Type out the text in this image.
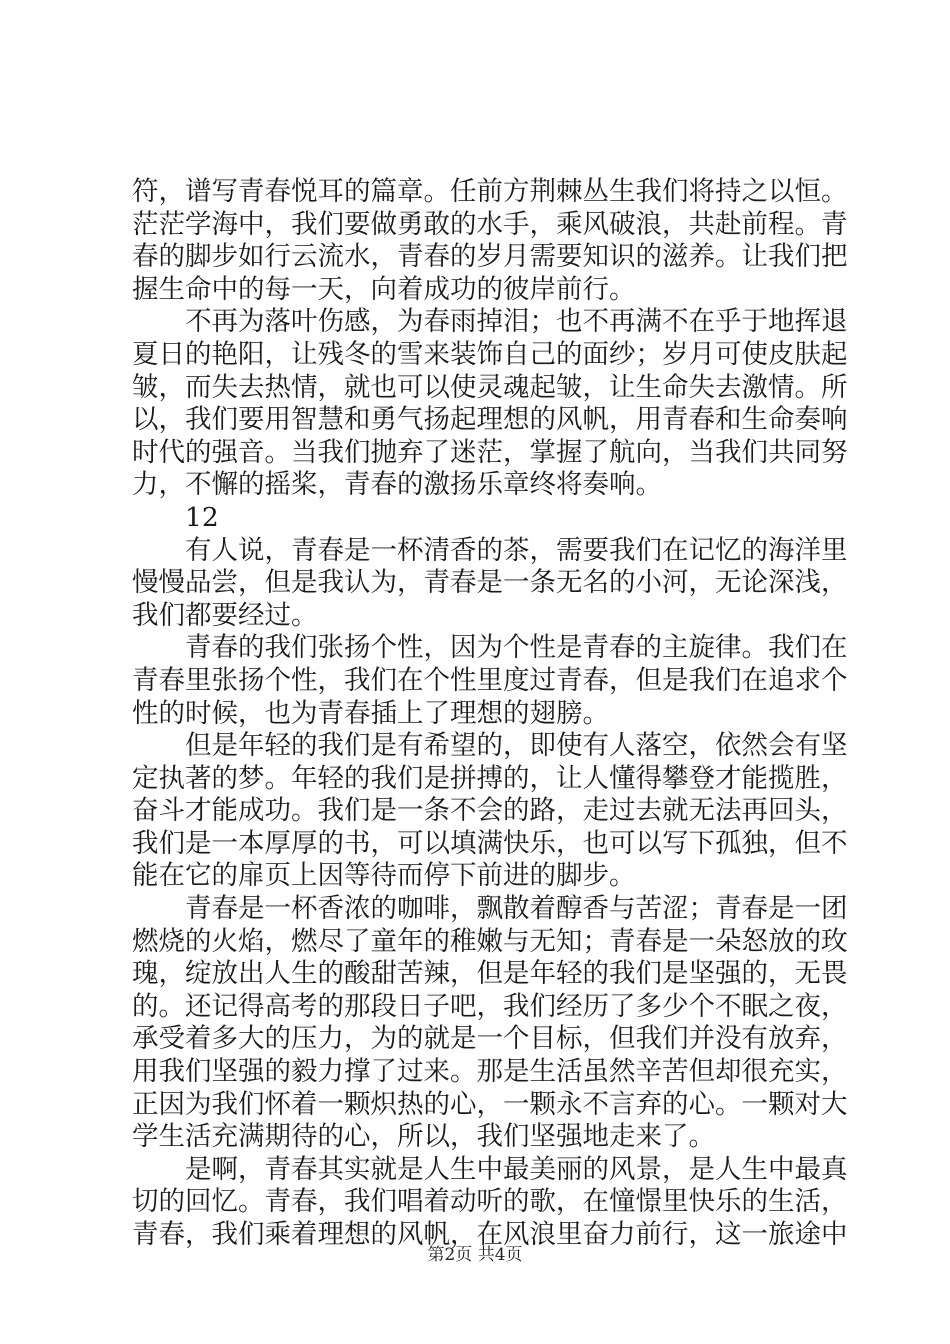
符，谱写青春悦耳的篇章。任前方荆棘丛生我们将持之以恒。
茫茫学海中，我们要做勇敢的水手，乘风破浪，共赴前程。青
春的脚步如行云流水，青春的岁月需要知识的滋养。让我们把
握生命中的每一天，向着成功的彼岸前行。
　　不再为落叶伤感，为春雨掉泪；也不再满不在乎于地挥退
夏日的艳阳，让残冬的雪来装饰自己的面纱；岁月可使皮肤起
皱，而失去热情，就也可以使灵魂起皱，让生命失去激情。所
以，我们要用智慧和勇气扬起理想的风帆，用青春和生命奏响
时代的强音。当我们抛弃了迷茫，掌握了航向，当我们共同努
力，不懈的摇桨，青春的激扬乐章终将奏响。
　　12
　　有人说，青春是一杯清香的茶，需要我们在记忆的海洋里
慢慢品尝，但是我认为，青春是一条无名的小河，无论深浅，
我们都要经过。
　　青春的我们张扬个性，因为个性是青春的主旋律。我们在
青春里张扬个性，我们在个性里度过青春，但是我们在追求个
性的时候，也为青春插上了理想的翅膀。
　　但是年轻的我们是有希望的，即使有人落空，依然会有坚
定执著的梦。年轻的我们是拼搏的，让人懂得攀登才能揽胜，
奋斗才能成功。我们是一条不会的路，走过去就无法再回头，
我们是一本厚厚的书，可以填满快乐，也可以写下孤独，但不
能在它的扉页上因等待而停下前进的脚步。
　　青春是一杯香浓的咖啡，飘散着醇香与苦涩；青春是一团
燃烧的火焰，燃尽了童年的稚嫩与无知；青春是一朵怒放的玫
瑰，绽放出人生的酸甜苦辣，但是年轻的我们是坚强的，无畏
的。还记得高考的那段日子吧，我们经历了多少个不眠之夜，
承受着多大的压力，为的就是一个目标，但我们并没有放弃，
用我们坚强的毅力撑了过来。那是生活虽然辛苦但却很充实，
正因为我们怀着一颗炽热的心，一颗永不言弃的心。一颗对大
学生活充满期待的心，所以，我们坚强地走来了。
　　是啊，青春其实就是人生中最美丽的风景，是人生中最真
切的回忆。青春，我们唱着动听的歌，在憧憬里快乐的生活，
青春，我们乘着理想的风帆，在风浪里奋力前行，这一旅途中
第2页 共4页
